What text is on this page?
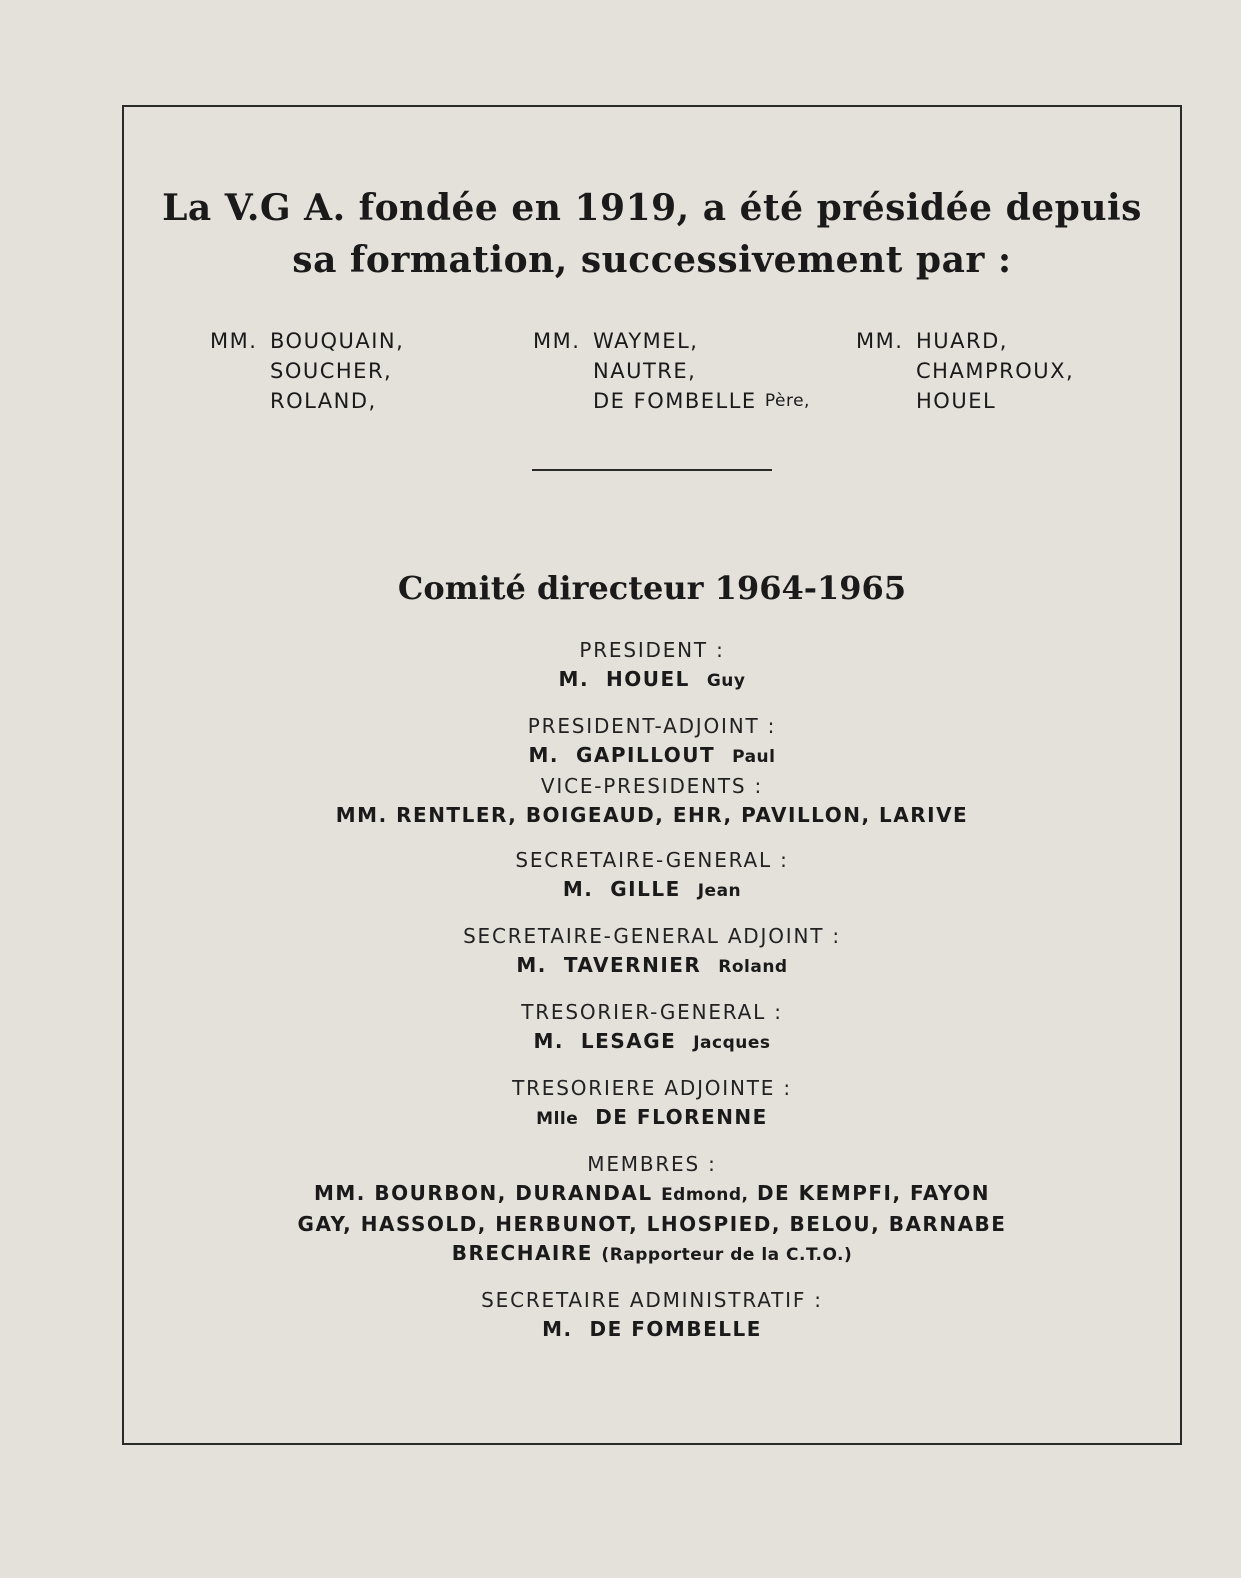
La V.G A. fondée en 1919, a été présidée depuis
sa formation, successivement par :
MM. BOUQUAIN,
SOUCHER,
ROLAND,
MM. WAYMEL,
NAUTRE,
DE FOMBELLE
Père,
MM. HUARD,
CHAMPROUX,
HOUEL
Comité directeur 1964-1965
PRESIDENT :
M. HOUEL Guy
PRESIDENT-ADJOINT :
M. GAPILLOUT Paul
VICE-PRESIDENTS :
MM. RENTLER, BOIGEAUD, EHR, PAVILLON, LARIVE
SECRETAIRE-GENERAL :
M. GILLE Jean
SECRETAIRE-GENERAL ADJOINT :
M. TAVERNIER Roland
TRESORIER-GENERAL :
M. LESAGE Jacques
TRESORIERE ADJOINTE :
Mlle DE FLORENNE
MEMBRES :
MM. BOURBON, DURANDAL Edmond, DE KEMPFI, FAYON
GAY, HASSOLD, HERBUNOT, LHOSPIED, BELOU, BARNABE
BRECHAIRE (Rapporteur de la C.T.O.)
SECRETAIRE ADMINISTRATIF :
M. DE FOMBELLE
